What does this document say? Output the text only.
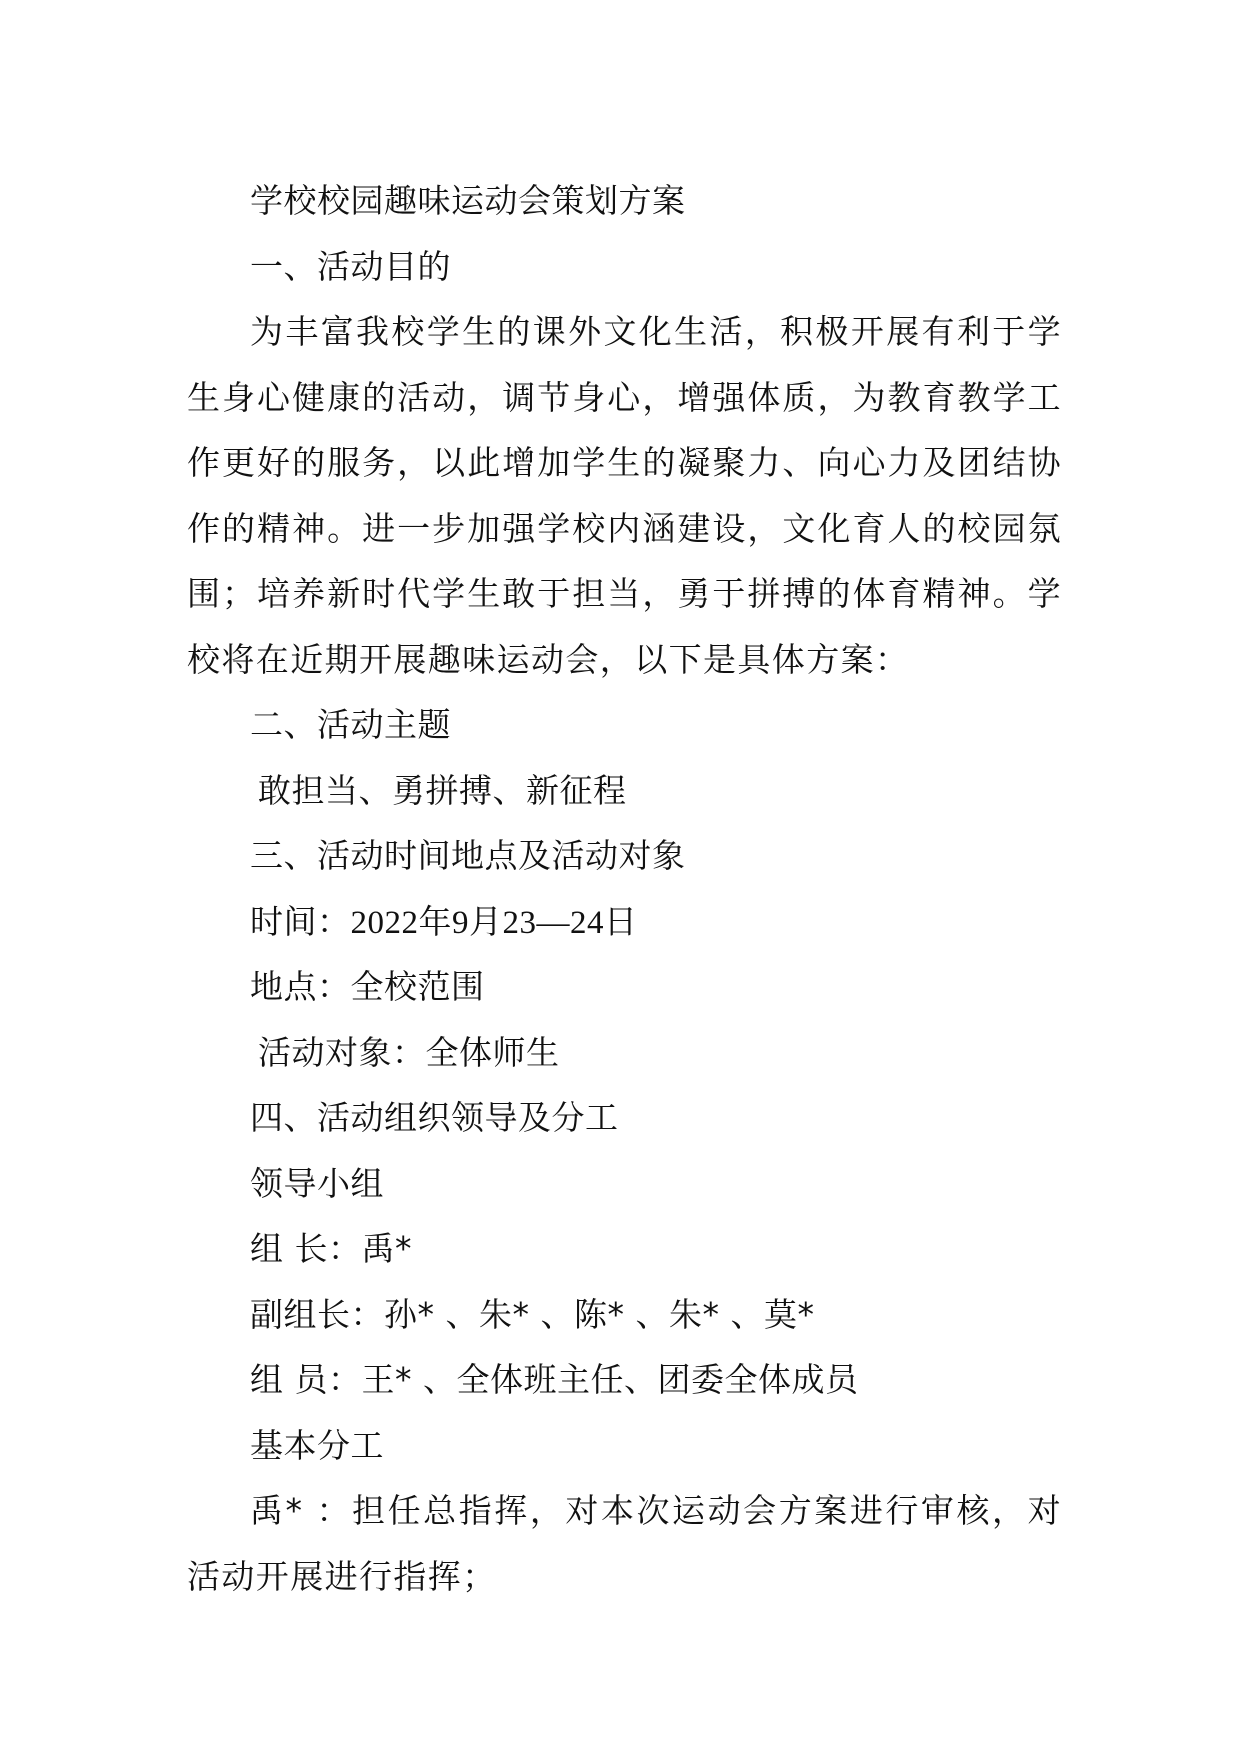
学校校园趣味运动会策划方案
一、活动目的
为丰富我校学生的课外文化生活，积极开展有利于学生身心健康的活动，调节身心，增强体质，为教育教学工作更好的服务，以此增加学生的凝聚力、向心力及团结协作的精神。进一步加强学校内涵建设，文化育人的校园氛围；培养新时代学生敢于担当，勇于拼搏的体育精神。学校将在近期开展趣味运动会，以下是具体方案：
二、活动主题
敢担当、勇拼搏、新征程
三、活动时间地点及活动对象
时间：2022年9月23—24日
地点：全校范围
活动对象：全体师生
四、活动组织领导及分工
领导小组
组 长：禹*
副组长：孙* 、朱* 、陈* 、朱* 、莫*
组 员：王* 、全体班主任、团委全体成员
基本分工
禹* ：担任总指挥，对本次运动会方案进行审核，对活动开展进行指挥；
